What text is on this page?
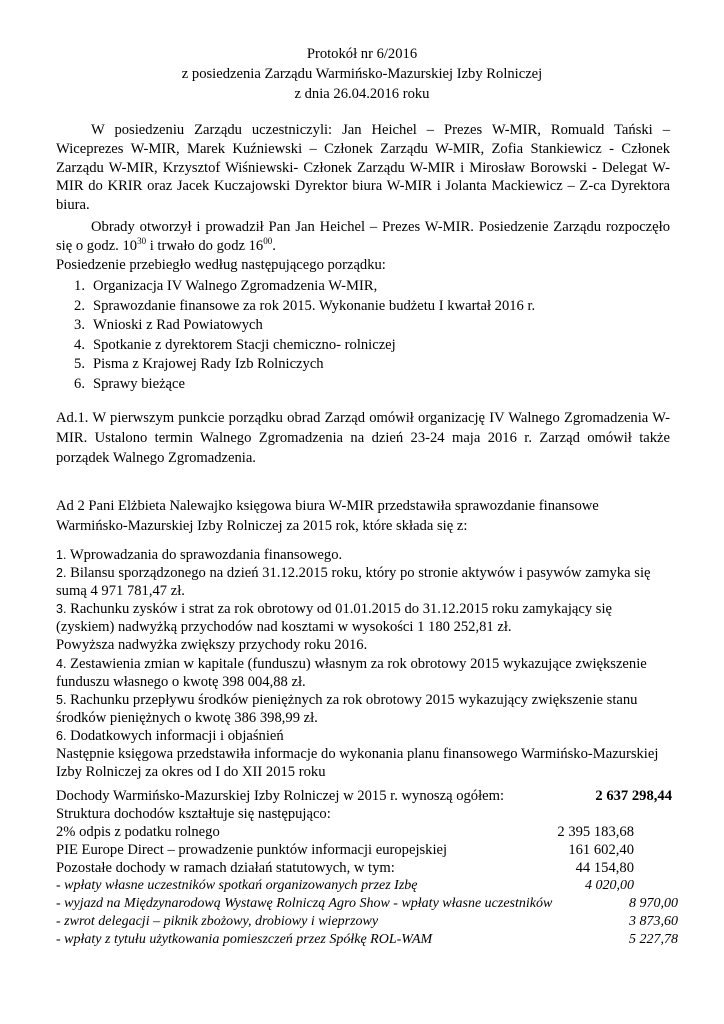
Protokół nr 6/2016
z posiedzenia Zarządu Warmińsko-Mazurskiej Izby Rolniczej
z dnia 26.04.2016 roku
W posiedzeniu Zarządu uczestniczyli: Jan Heichel – Prezes W-MIR, Romuald Tański –
Wiceprezes W-MIR, Marek Kuźniewski – Członek Zarządu W-MIR, Zofia Stankiewicz - Członek
Zarządu W-MIR, Krzysztof Wiśniewski- Członek Zarządu W-MIR i Mirosław Borowski - Delegat W-
MIR do KRIR oraz Jacek Kuczajowski Dyrektor biura W-MIR i Jolanta Mackiewicz – Z-ca Dyrektora
biura.
Obrady otworzył i prowadził Pan Jan Heichel – Prezes W-MIR. Posiedzenie Zarządu rozpoczęło
się o godz. $10^{30}$ i trwało do godz $16^{00}$.
Posiedzenie przebiegło według następującego porządku:
1. Organizacja IV Walnego Zgromadzenia W-MIR,
2. Sprawozdanie finansowe za rok 2015. Wykonanie budżetu I kwartał 2016 r.
3. Wnioski z Rad Powiatowych
4. Spotkanie z dyrektorem Stacji chemiczno- rolniczej
5. Pisma z Krajowej Rady Izb Rolniczych
6. Sprawy bieżące
Ad.1. W pierwszym punkcie porządku obrad Zarząd omówił organizację IV Walnego Zgromadzenia W-
MIR. Ustalono termin Walnego Zgromadzenia na dzień 23-24 maja 2016 r. Zarząd omówił także
porządek Walnego Zgromadzenia.
Ad 2 Pani Elżbieta Nalewajko księgowa biura W-MIR przedstawiła sprawozdanie finansowe
Warmińsko-Mazurskiej Izby Rolniczej za 2015 rok, które składa się z:
1. Wprowadzania do sprawozdania finansowego.
2. Bilansu sporządzonego na dzień 31.12.2015 roku, który po stronie aktywów i pasywów zamyka się
sumą 4 971 781,47 zł.
3. Rachunku zysków i strat za rok obrotowy od 01.01.2015 do 31.12.2015 roku zamykający się
(zyskiem) nadwyżką przychodów nad kosztami w wysokości 1 180 252,81 zł.
Powyższa nadwyżka zwiększy przychody roku 2016.
4. Zestawienia zmian w kapitale (funduszu) własnym za rok obrotowy 2015 wykazujące zwiększenie
funduszu własnego o kwotę 398 004,88 zł.
5. Rachunku przepływu środków pieniężnych za rok obrotowy 2015 wykazujący zwiększenie stanu
środków pieniężnych o kwotę 386 398,99 zł.
6. Dodatkowych informacji i objaśnień
Następnie księgowa przedstawiła informacje do wykonania planu finansowego Warmińsko-Mazurskiej
Izby Rolniczej za okres od I do XII 2015 roku
Dochody Warmińsko-Mazurskiej Izby Rolniczej w 2015 r. wynoszą ogółem:	2 637 298,44
Struktura dochodów kształtuje się następująco:
2% odpis z podatku rolnego	2 395 183,68
PIE Europe Direct – prowadzenie punktów informacji europejskiej	161 602,40
Pozostałe dochody w ramach działań statutowych, w tym:	44 154,80
- wpłaty własne uczestników spotkań organizowanych przez Izbę	4 020,00
- wyjazd na Międzynarodową Wystawę Rolniczą Agro Show - wpłaty własne uczestników	8 970,00
- zwrot delegacji – piknik zbożowy, drobiowy i wieprzowy	3 873,60
- wpłaty z tytułu użytkowania pomieszczeń przez Spółkę ROL-WAM	5 227,78
